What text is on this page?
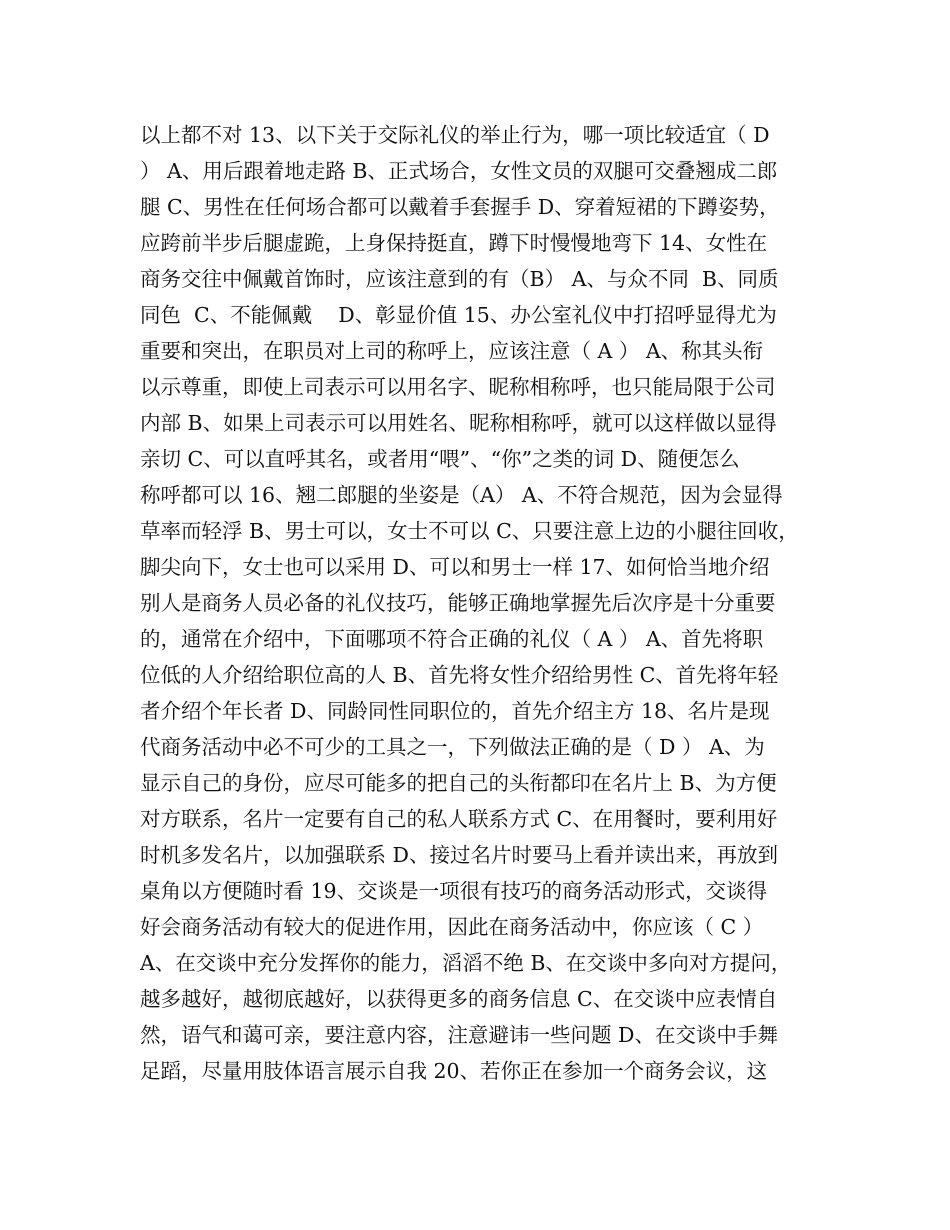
以上都不对 13、以下关于交际礼仪的举止行为，哪一项比较适宜（ D
） A、用后跟着地走路 B、正式场合，女性文员的双腿可交叠翘成二郎
腿 C、男性在任何场合都可以戴着手套握手 D、穿着短裙的下蹲姿势，
应跨前半步后腿虚跪，上身保持挺直，蹲下时慢慢地弯下 14、女性在
商务交往中佩戴首饰时，应该注意到的有（B） A、与众不同  B、同质
同色  C、不能佩戴    D、彰显价值 15、办公室礼仪中打招呼显得尤为
重要和突出，在职员对上司的称呼上，应该注意（ A ） A、称其头衔
以示尊重，即使上司表示可以用名字、昵称相称呼，也只能局限于公司
内部 B、如果上司表示可以用姓名、昵称相称呼，就可以这样做以显得
亲切 C、可以直呼其名，或者用“喂”、“你”之类的词 D、随便怎么
称呼都可以 16、翘二郎腿的坐姿是（A） A、不符合规范，因为会显得
草率而轻浮 B、男士可以，女士不可以 C、只要注意上边的小腿往回收，
脚尖向下，女士也可以采用 D、可以和男士一样 17、如何恰当地介绍
别人是商务人员必备的礼仪技巧，能够正确地掌握先后次序是十分重要
的，通常在介绍中，下面哪项不符合正确的礼仪（ A ） A、首先将职
位低的人介绍给职位高的人 B、首先将女性介绍给男性 C、首先将年轻
者介绍个年长者 D、同龄同性同职位的，首先介绍主方 18、名片是现
代商务活动中必不可少的工具之一，下列做法正确的是（ D ） A、为
显示自己的身份，应尽可能多的把自己的头衔都印在名片上 B、为方便
对方联系，名片一定要有自己的私人联系方式 C、在用餐时，要利用好
时机多发名片，以加强联系 D、接过名片时要马上看并读出来，再放到
桌角以方便随时看 19、交谈是一项很有技巧的商务活动形式，交谈得
好会商务活动有较大的促进作用，因此在商务活动中，你应该（ C ）
A、在交谈中充分发挥你的能力，滔滔不绝 B、在交谈中多向对方提问，
越多越好，越彻底越好，以获得更多的商务信息 C、在交谈中应表情自
然，语气和蔼可亲，要注意内容，注意避讳一些问题 D、在交谈中手舞
足蹈，尽量用肢体语言展示自我 20、若你正在参加一个商务会议，这
